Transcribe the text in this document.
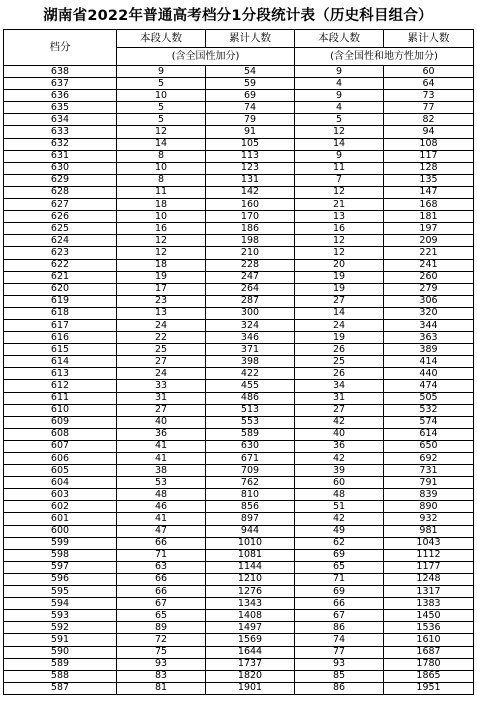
湖南省2022年普通高考档分1分段统计表（历史科目组合）
档分	本段人数	累计人数	本段人数	累计人数
	(含全国性加分)		(含全国性和地方性加分)	
638	9	54	9	60
637	5	59	4	64
636	10	69	9	73
635	5	74	4	77
634	5	79	5	82
633	12	91	12	94
632	14	105	14	108
631	8	113	9	117
630	10	123	11	128
629	8	131	7	135
628	11	142	12	147
627	18	160	21	168
626	10	170	13	181
625	16	186	16	197
624	12	198	12	209
623	12	210	12	221
622	18	228	20	241
621	19	247	19	260
620	17	264	19	279
619	23	287	27	306
618	13	300	14	320
617	24	324	24	344
616	22	346	19	363
615	25	371	26	389
614	27	398	25	414
613	24	422	26	440
612	33	455	34	474
611	31	486	31	505
610	27	513	27	532
609	40	553	42	574
608	36	589	40	614
607	41	630	36	650
606	41	671	42	692
605	38	709	39	731
604	53	762	60	791
603	48	810	48	839
602	46	856	51	890
601	41	897	42	932
600	47	944	49	981
599	66	1010	62	1043
598	71	1081	69	1112
597	63	1144	65	1177
596	66	1210	71	1248
595	66	1276	69	1317
594	67	1343	66	1383
593	65	1408	67	1450
592	89	1497	86	1536
591	72	1569	74	1610
590	75	1644	77	1687
589	93	1737	93	1780
588	83	1820	85	1865
587	81	1901	86	1951
